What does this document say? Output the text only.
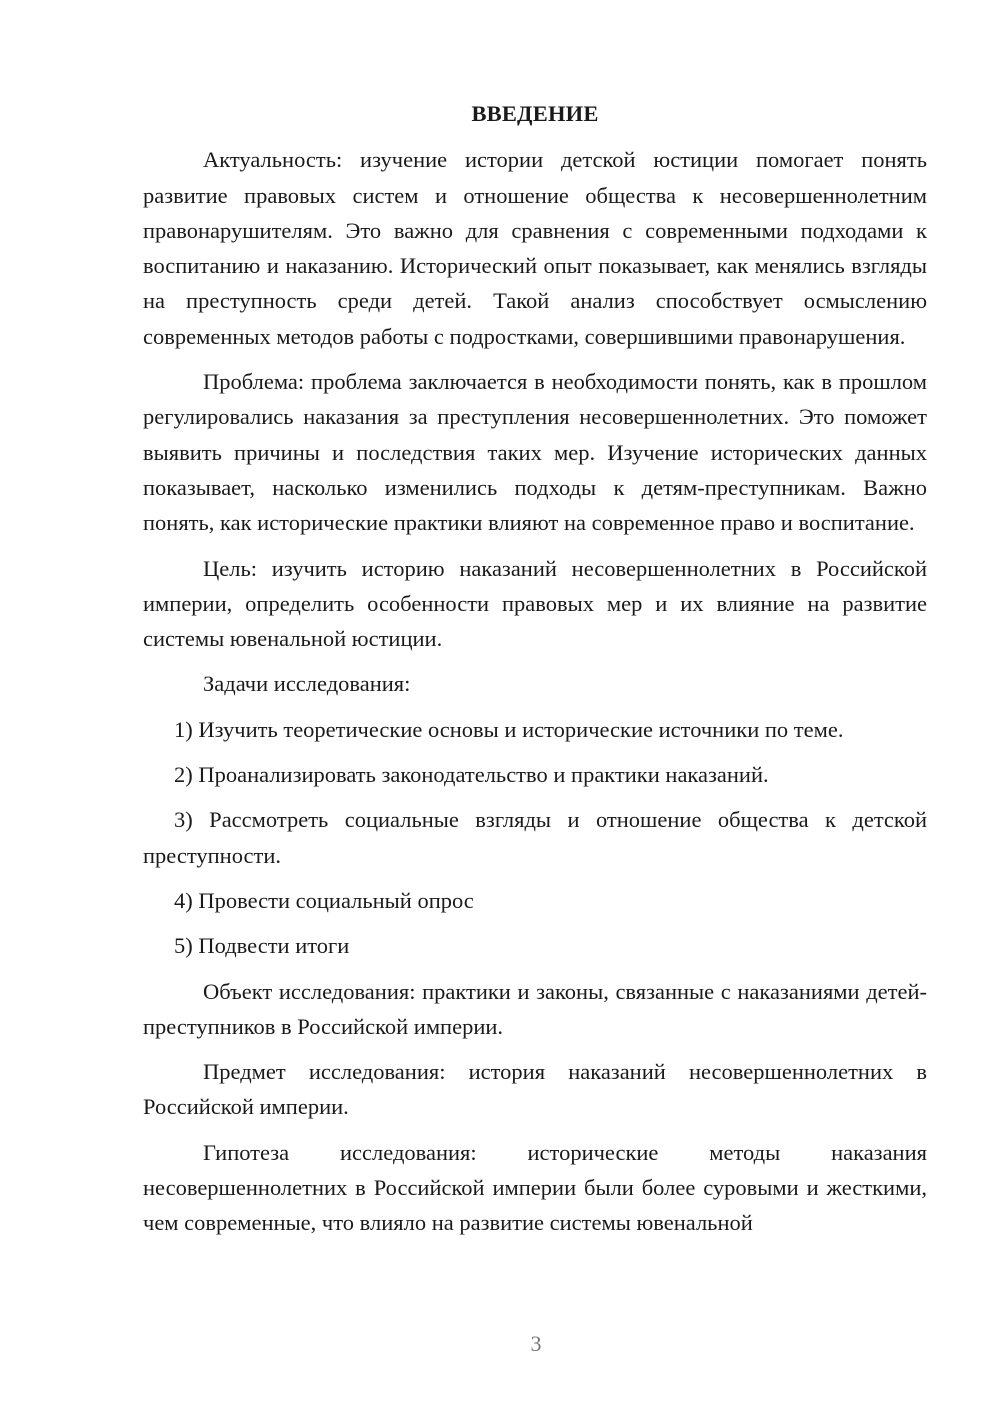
ВВЕДЕНИЕ

Актуальность: изучение истории детской юстиции помогает понять развитие правовых систем и отношение общества к несовершеннолетним правонарушителям. Это важно для сравнения с современными подходами к воспитанию и наказанию. Исторический опыт показывает, как менялись взгляды на преступность среди детей. Такой анализ способствует осмыслению современных методов работы с подростками, совершившими правонарушения.

Проблема: проблема заключается в необходимости понять, как в прошлом регулировались наказания за преступления несовершеннолетних. Это поможет выявить причины и последствия таких мер. Изучение исторических данных показывает, насколько изменились подходы к детям-преступникам. Важно понять, как исторические практики влияют на современное право и воспитание.

Цель: изучить историю наказаний несовершеннолетних в Российской империи, определить особенности правовых мер и их влияние на развитие системы ювенальной юстиции.

Задачи исследования:

1) Изучить теоретические основы и исторические источники по теме.

2) Проанализировать законодательство и практики наказаний.

3) Рассмотреть социальные взгляды и отношение общества к детской преступности.

4) Провести социальный опрос

5) Подвести итоги

Объект исследования: практики и законы, связанные с наказаниями детей-преступников в Российской империи.

Предмет исследования: история наказаний несовершеннолетних в Российской империи.

Гипотеза исследования: исторические методы наказания несовершеннолетних в Российской империи были более суровыми и жесткими, чем современные, что влияло на развитие системы ювенальной

3
